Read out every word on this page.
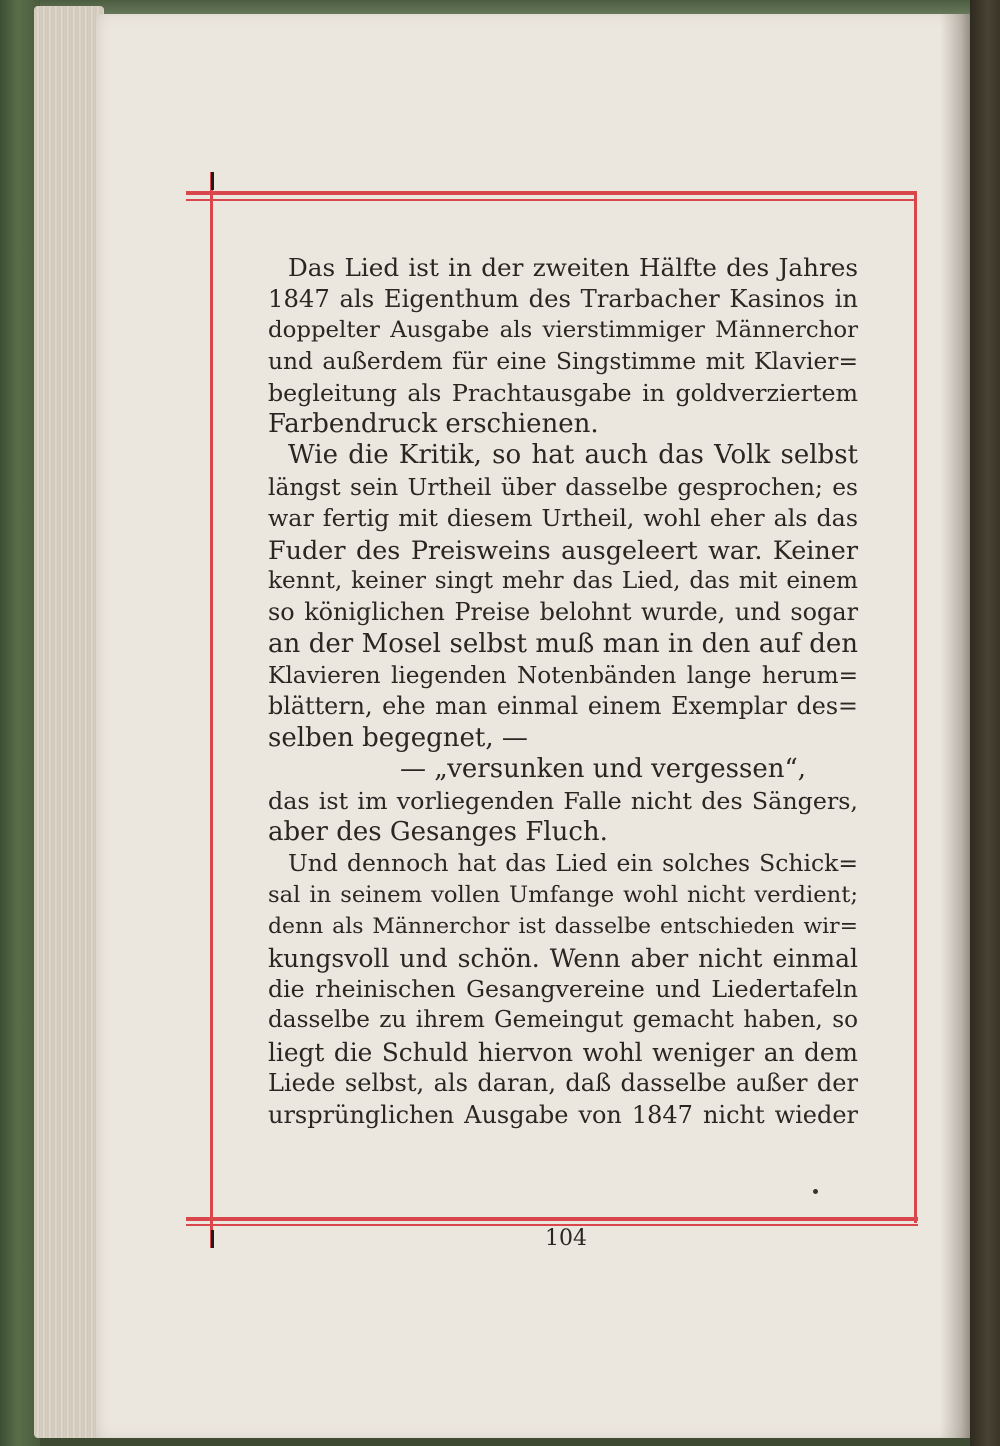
Das Lied ist in der zweiten Hälfte des Jahres
1847 als Eigenthum des Trarbacher Kasinos in
doppelter Ausgabe als vierstimmiger Männerchor
und außerdem für eine Singstimme mit Klavier=
begleitung als Prachtausgabe in goldverziertem
Farbendruck erschienen.
Wie die Kritik, so hat auch das Volk selbst
längst sein Urtheil über dasselbe gesprochen; es
war fertig mit diesem Urtheil, wohl eher als das
Fuder des Preisweins ausgeleert war. Keiner
kennt, keiner singt mehr das Lied, das mit einem
so königlichen Preise belohnt wurde, und sogar
an der Mosel selbst muß man in den auf den
Klavieren liegenden Notenbänden lange herum=
blättern, ehe man einmal einem Exemplar des=
selben begegnet, —
— „versunken und vergessen“,
das ist im vorliegenden Falle nicht des Sängers,
aber des Gesanges Fluch.
Und dennoch hat das Lied ein solches Schick=
sal in seinem vollen Umfange wohl nicht verdient;
denn als Männerchor ist dasselbe entschieden wir=
kungsvoll und schön. Wenn aber nicht einmal
die rheinischen Gesangvereine und Liedertafeln
dasselbe zu ihrem Gemeingut gemacht haben, so
liegt die Schuld hiervon wohl weniger an dem
Liede selbst, als daran, daß dasselbe außer der
ursprünglichen Ausgabe von 1847 nicht wieder
104
